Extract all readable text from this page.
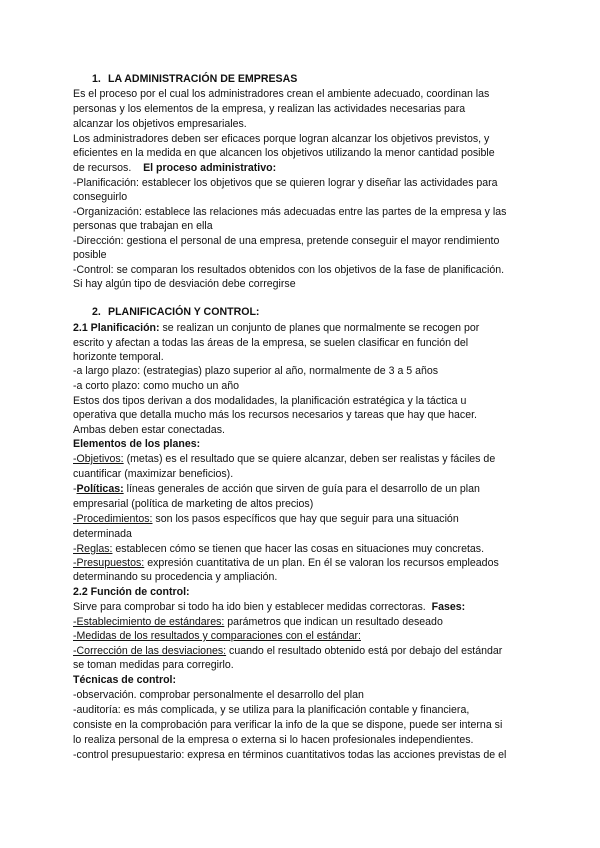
1. LA ADMINISTRACIÓN DE EMPRESAS
Es el proceso por el cual los administradores crean el ambiente adecuado, coordinan las
personas y los elementos de la empresa, y realizan las actividades necesarias para
alcanzar los objetivos empresariales.
Los administradores deben ser eficaces porque logran alcanzar los objetivos previstos, y
eficientes en la medida en que alcancen los objetivos utilizando la menor cantidad posible
de recursos. El proceso administrativo:
-Planificación: establecer los objetivos que se quieren lograr y diseñar las actividades para
conseguirlo
-Organización: establece las relaciones más adecuadas entre las partes de la empresa y las
personas que trabajan en ella
-Dirección: gestiona el personal de una empresa, pretende conseguir el mayor rendimiento
posible
-Control: se comparan los resultados obtenidos con los objetivos de la fase de planificación.
Si hay algún tipo de desviación debe corregirse
2. PLANIFICACIÓN Y CONTROL:
2.1 Planificación: se realizan un conjunto de planes que normalmente se recogen por
escrito y afectan a todas las áreas de la empresa, se suelen clasificar en función del
horizonte temporal.
-a largo plazo: (estrategias) plazo superior al año, normalmente de 3 a 5 años
-a corto plazo: como mucho un año
Estos dos tipos derivan a dos modalidades, la planificación estratégica y la táctica u
operativa que detalla mucho más los recursos necesarios y tareas que hay que hacer.
Ambas deben estar conectadas.
Elementos de los planes:
-Objetivos: (metas) es el resultado que se quiere alcanzar, deben ser realistas y fáciles de
cuantificar (maximizar beneficios).
-Políticas: líneas generales de acción que sirven de guía para el desarrollo de un plan
empresarial (política de marketing de altos precios)
-Procedimientos: son los pasos específicos que hay que seguir para una situación
determinada
-Reglas: establecen cómo se tienen que hacer las cosas en situaciones muy concretas.
-Presupuestos: expresión cuantitativa de un plan. En él se valoran los recursos empleados
determinando su procedencia y ampliación.
2.2 Función de control:
Sirve para comprobar si todo ha ido bien y establecer medidas correctoras. Fases:
-Establecimiento de estándares: parámetros que indican un resultado deseado
-Medidas de los resultados y comparaciones con el estándar:
-Corrección de las desviaciones: cuando el resultado obtenido está por debajo del estándar
se toman medidas para corregirlo.
Técnicas de control:
-observación. comprobar personalmente el desarrollo del plan
-auditoría: es más complicada, y se utiliza para la planificación contable y financiera,
consiste en la comprobación para verificar la info de la que se dispone, puede ser interna si
lo realiza personal de la empresa o externa si lo hacen profesionales independientes.
-control presupuestario: expresa en términos cuantitativos todas las acciones previstas de el
